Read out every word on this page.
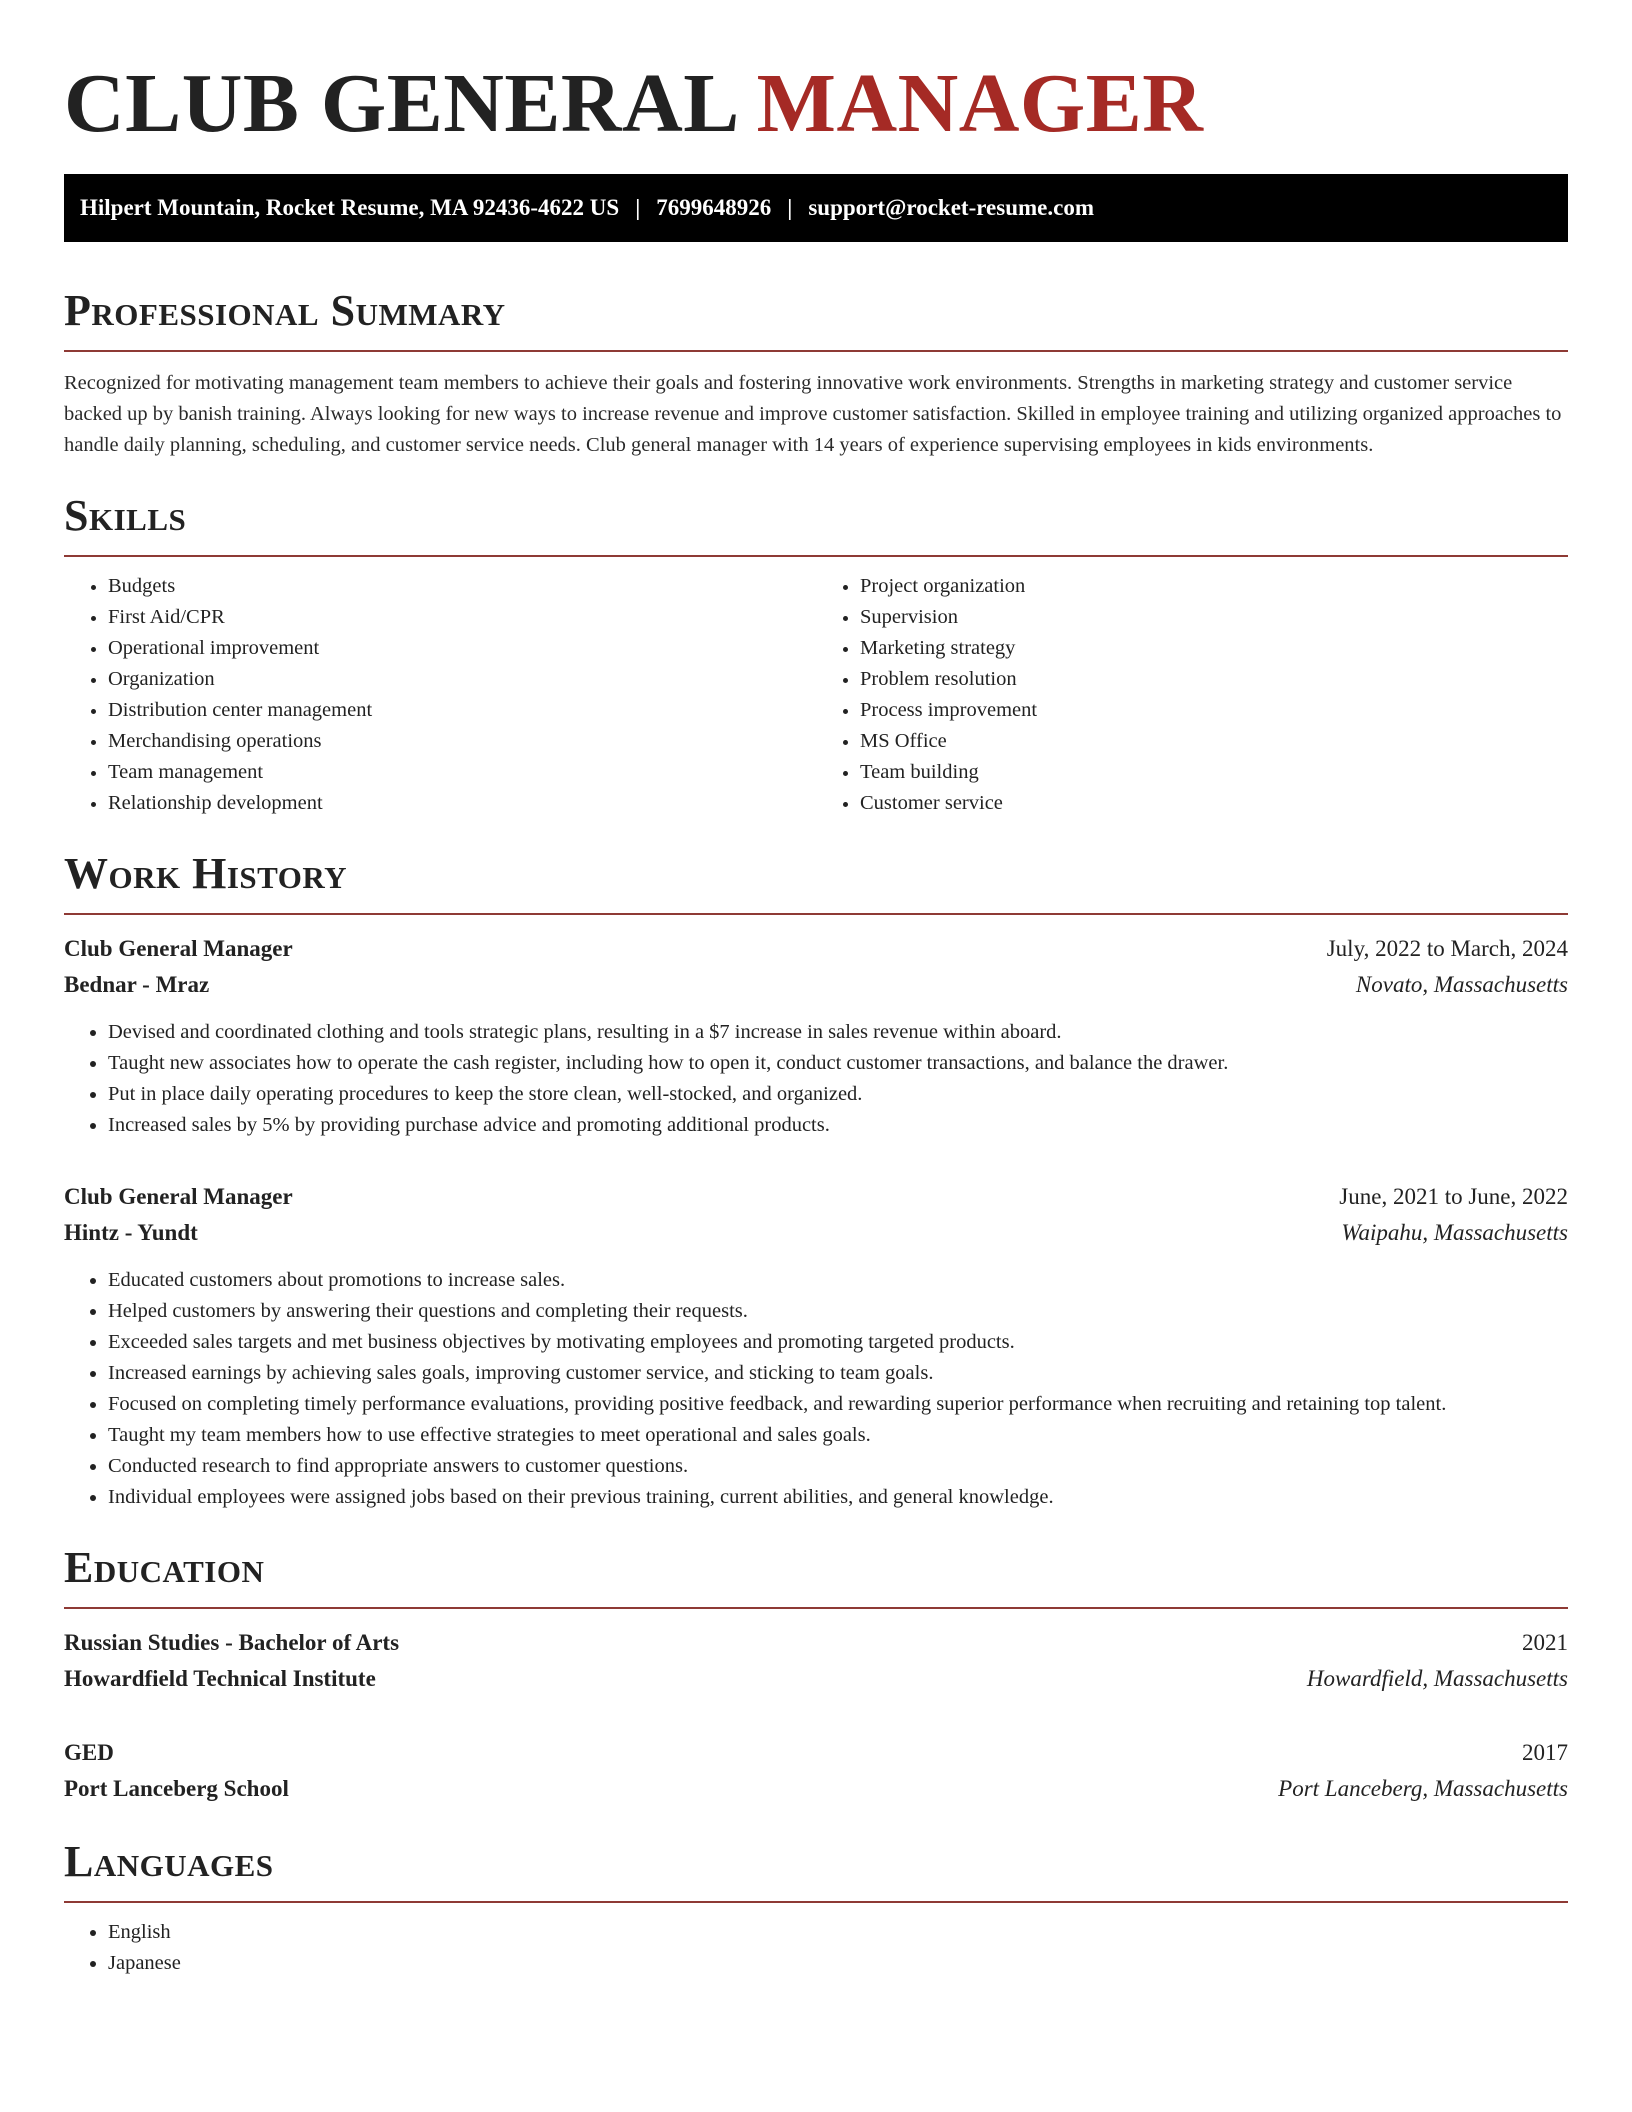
CLUB GENERAL MANAGER
Hilpert Mountain, Rocket Resume, MA 92436-4622 US | 7699648926 | support@rocket-resume.com
Professional Summary

Recognized for motivating management team members to achieve their goals and fostering innovative work environments. Strengths in marketing strategy and customer service backed up by banish training. Always looking for new ways to increase revenue and improve customer satisfaction. Skilled in employee training and utilizing organized approaches to handle daily planning, scheduling, and customer service needs. Club general manager with 14 years of experience supervising employees in kids environments.

Skills
• Budgets
• First Aid/CPR
• Operational improvement
• Organization
• Distribution center management
• Merchandising operations
• Team management
• Relationship development
• Project organization
• Supervision
• Marketing strategy
• Problem resolution
• Process improvement
• MS Office
• Team building
• Customer service
Work History
Club General Manager	July, 2022 to March, 2024
Bednar - Mraz	Novato, Massachusetts
• Devised and coordinated clothing and tools strategic plans, resulting in a $7 increase in sales revenue within aboard.
• Taught new associates how to operate the cash register, including how to open it, conduct customer transactions, and balance the drawer.
• Put in place daily operating procedures to keep the store clean, well-stocked, and organized.
• Increased sales by 5% by providing purchase advice and promoting additional products.
Club General Manager	June, 2021 to June, 2022
Hintz - Yundt	Waipahu, Massachusetts
• Educated customers about promotions to increase sales.
• Helped customers by answering their questions and completing their requests.
• Exceeded sales targets and met business objectives by motivating employees and promoting targeted products.
• Increased earnings by achieving sales goals, improving customer service, and sticking to team goals.
• Focused on completing timely performance evaluations, providing positive feedback, and rewarding superior performance when recruiting and retaining top talent.
• Taught my team members how to use effective strategies to meet operational and sales goals.
• Conducted research to find appropriate answers to customer questions.
• Individual employees were assigned jobs based on their previous training, current abilities, and general knowledge.
Education
Russian Studies - Bachelor of Arts	2021
Howardfield Technical Institute	Howardfield, Massachusetts
GED	2017
Port Lanceberg School	Port Lanceberg, Massachusetts
Languages
• English
• Japanese
